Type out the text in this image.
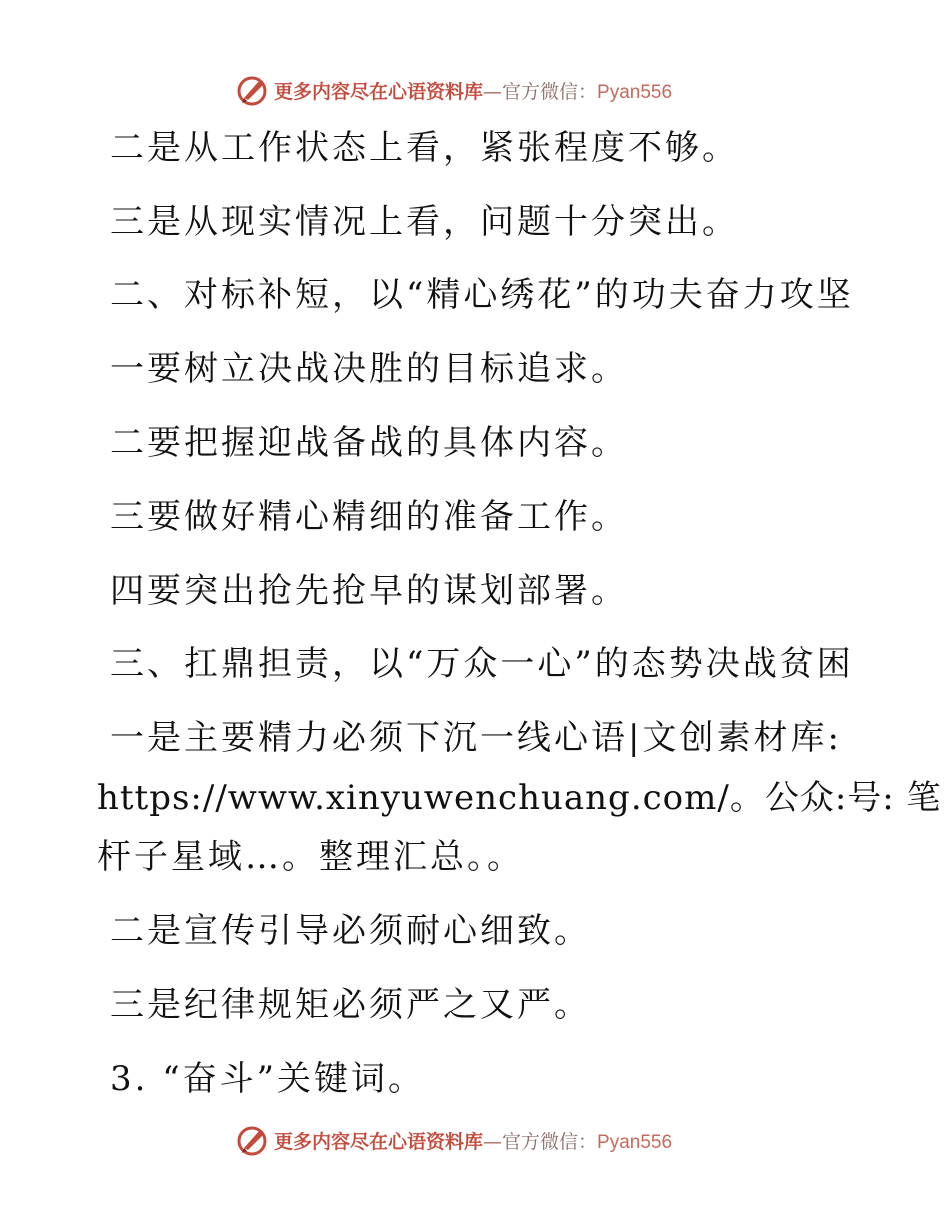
更多内容尽在心语资料库—官方微信：Pyan556
二是从工作状态上看，紧张程度不够。
三是从现实情况上看，问题十分突出。
二、对标补短，以“精心绣花”的功夫奋力攻坚
一要树立决战决胜的目标追求。
二要把握迎战备战的具体内容。
三要做好精心精细的准备工作。
四要突出抢先抢早的谋划部署。
三、扛鼎担责，以“万众一心”的态势决战贫困
一是主要精力必须下沉一线心语|文创素材库:
https://www.xinyuwenchuang.com/。公众:号: 笔
杆子星域…。整理汇总。。
二是宣传引导必须耐心细致。
三是纪律规矩必须严之又严。
3. “奋斗”关键词。
更多内容尽在心语资料库—官方微信：Pyan556
